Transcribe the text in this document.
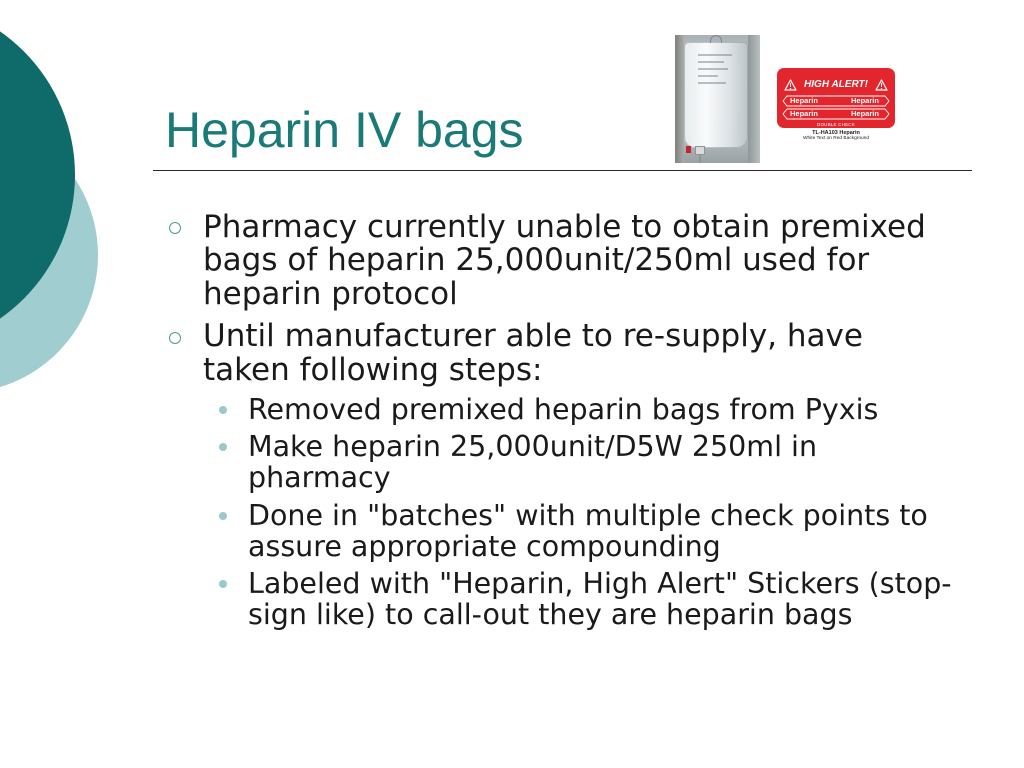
Heparin IV bags
HIGH ALERT!
Heparin	Heparin
Heparin	Heparin
DOUBLE CHECK
TL-HA103 Heparin
White Text on Red Background
Pharmacy currently unable to obtain premixed
bags of heparin 25,000unit/250ml used for
heparin protocol
Until manufacturer able to re-supply, have
taken following steps:
Removed premixed heparin bags from Pyxis
Make heparin 25,000unit/D5W 250ml in
pharmacy
Done in "batches" with multiple check points to
assure appropriate compounding
Labeled with "Heparin, High Alert" Stickers (stop-
sign like) to call-out they are heparin bags
